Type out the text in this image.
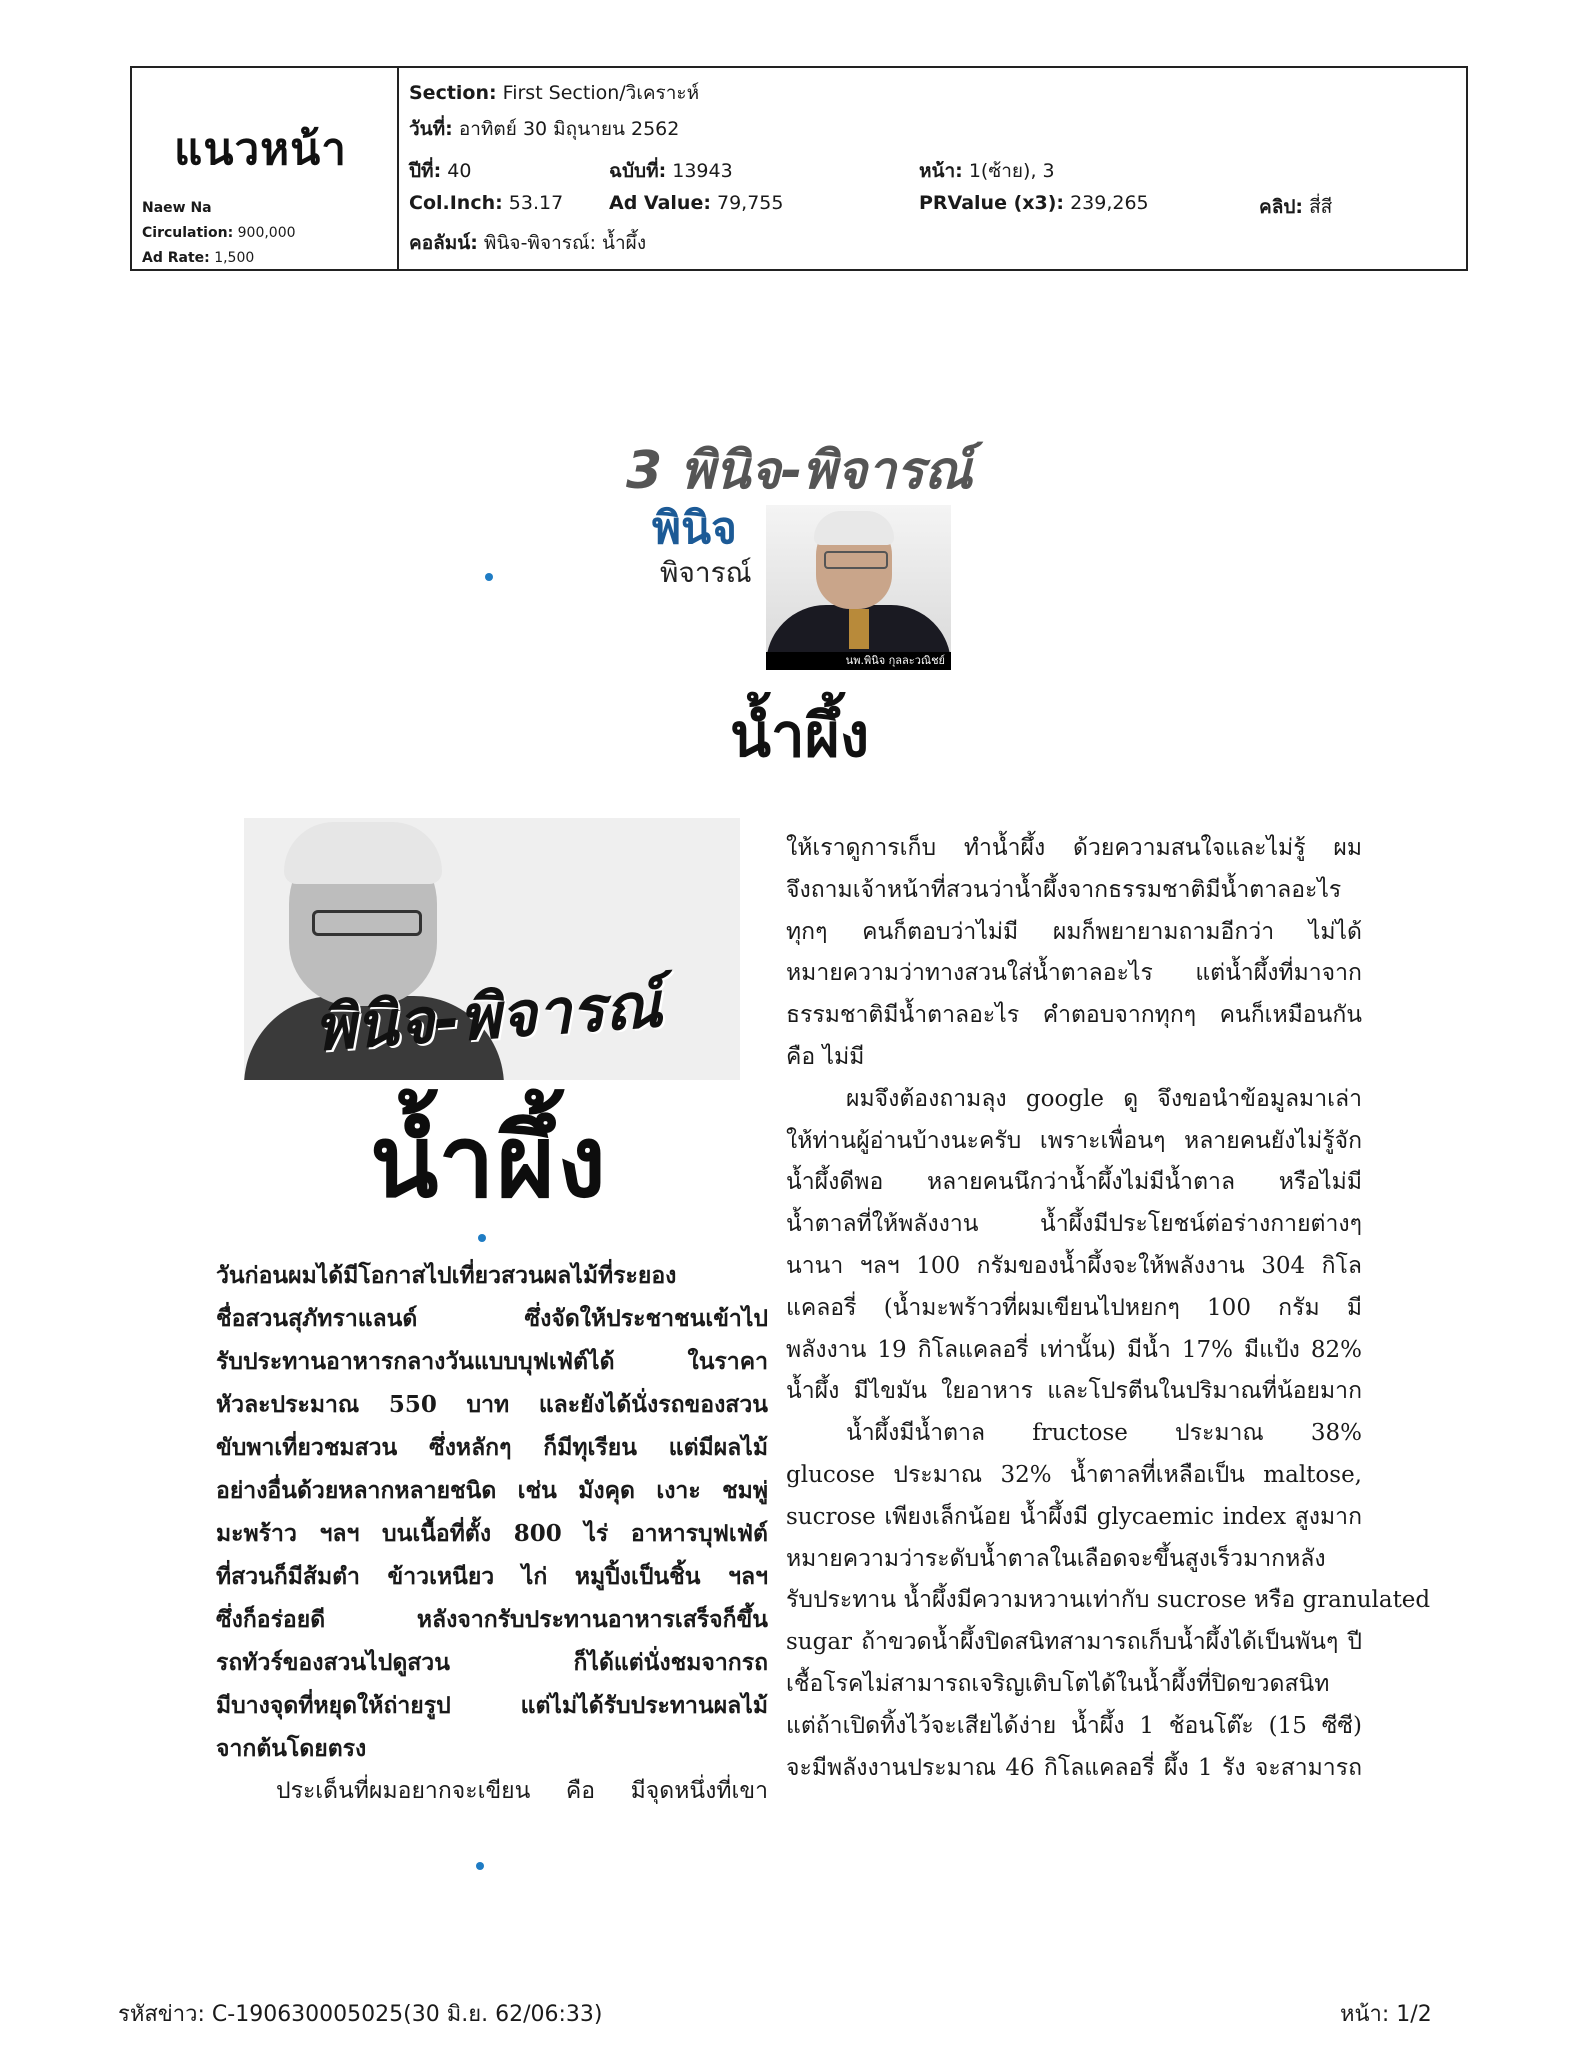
แนวหน้า
Naew Na
Circulation: 900,000
Ad Rate: 1,500
Section: First Section/วิเคราะห์
วันที่: อาทิตย์ 30 มิถุนายน 2562
ปีที่: 40	ฉบับที่: 13943	หน้า: 1(ซ้าย), 3
Col.Inch: 53.17 Ad Value: 79,755	PRValue (x3): 239,265	คลิป: สี่สี
คอลัมน์: พินิจ-พิจารณ์: น้ำผึ้ง
3 พินิจ-พิจารณ์
พินิจ
พิจารณ์
นพ.พินิจ กุลละวณิชย์
น้ำผึ้ง
พินิจ-พิจารณ์
น้ำผึ้ง

วันก่อนผมได้มีโอกาสไปเที่ยวสวนผลไม้ที่ระยอง

ชื่อสวนสุภัทราแลนด์ ซึ่งจัดให้ประชาชนเข้าไป

รับประทานอาหารกลางวันแบบบุฟเฟ่ต์ได้ ในราคา

หัวละประมาณ 550 บาท และยังได้นั่งรถของสวน

ขับพาเที่ยวชมสวน ซึ่งหลักๆ ก็มีทุเรียน แต่มีผลไม้

อย่างอื่นด้วยหลากหลายชนิด เช่น มังคุด เงาะ ชมพู่

มะพร้าว ฯลฯ บนเนื้อที่ตั้ง 800 ไร่ อาหารบุฟเฟ่ต์

ที่สวนก็มีส้มตำ ข้าวเหนียว ไก่ หมูปิ้งเป็นชิ้น ฯลฯ

ซึ่งก็อร่อยดี หลังจากรับประทานอาหารเสร็จก็ขึ้น

รถทัวร์ของสวนไปดูสวน ก็ได้แต่นั่งชมจากรถ

มีบางจุดที่หยุดให้ถ่ายรูป แต่ไม่ได้รับประทานผลไม้

จากต้นโดยตรง

ประเด็นที่ผมอยากจะเขียน คือ มีจุดหนึ่งที่เขา

ให้เราดูการเก็บ ทำน้ำผึ้ง ด้วยความสนใจและไม่รู้ ผม

จึงถามเจ้าหน้าที่สวนว่าน้ำผึ้งจากธรรมชาติมีน้ำตาลอะไร

ทุกๆ คนก็ตอบว่าไม่มี ผมก็พยายามถามอีกว่า ไม่ได้

หมายความว่าทางสวนใส่น้ำตาลอะไร แต่น้ำผึ้งที่มาจาก

ธรรมชาติมีน้ำตาลอะไร คำตอบจากทุกๆ คนก็เหมือนกัน

คือ ไม่มี

ผมจึงต้องถามลุง google ดู จึงขอนำข้อมูลมาเล่า

ให้ท่านผู้อ่านบ้างนะครับ เพราะเพื่อนๆ หลายคนยังไม่รู้จัก

น้ำผึ้งดีพอ หลายคนนึกว่าน้ำผึ้งไม่มีน้ำตาล หรือไม่มี

น้ำตาลที่ให้พลังงาน น้ำผึ้งมีประโยชน์ต่อร่างกายต่างๆ

นานา ฯลฯ 100 กรัมของน้ำผึ้งจะให้พลังงาน 304 กิโล

แคลอรี่ (น้ำมะพร้าวที่ผมเขียนไปหยกๆ 100 กรัม มี

พลังงาน 19 กิโลแคลอรี่ เท่านั้น) มีน้ำ 17% มีแป้ง 82%

น้ำผึ้ง มีไขมัน ใยอาหาร และโปรตีนในปริมาณที่น้อยมาก

น้ำผึ้งมีน้ำตาล fructose ประมาณ 38%

glucose ประมาณ 32% น้ำตาลที่เหลือเป็น maltose,

sucrose เพียงเล็กน้อย น้ำผึ้งมี glycaemic index สูงมาก

หมายความว่าระดับน้ำตาลในเลือดจะขึ้นสูงเร็วมากหลัง

รับประทาน น้ำผึ้งมีความหวานเท่ากับ sucrose หรือ granulated

sugar ถ้าขวดน้ำผึ้งปิดสนิทสามารถเก็บน้ำผึ้งได้เป็นพันๆ ปี

เชื้อโรคไม่สามารถเจริญเติบโตได้ในน้ำผึ้งที่ปิดขวดสนิท

แต่ถ้าเปิดทิ้งไว้จะเสียได้ง่าย น้ำผึ้ง 1 ช้อนโต๊ะ (15 ซีซี)

จะมีพลังงานประมาณ 46 กิโลแคลอรี่ ผึ้ง 1 รัง จะสามารถ

รหัสข่าว: C-190630005025(30 มิ.ย. 62/06:33)	หน้า: 1/2
